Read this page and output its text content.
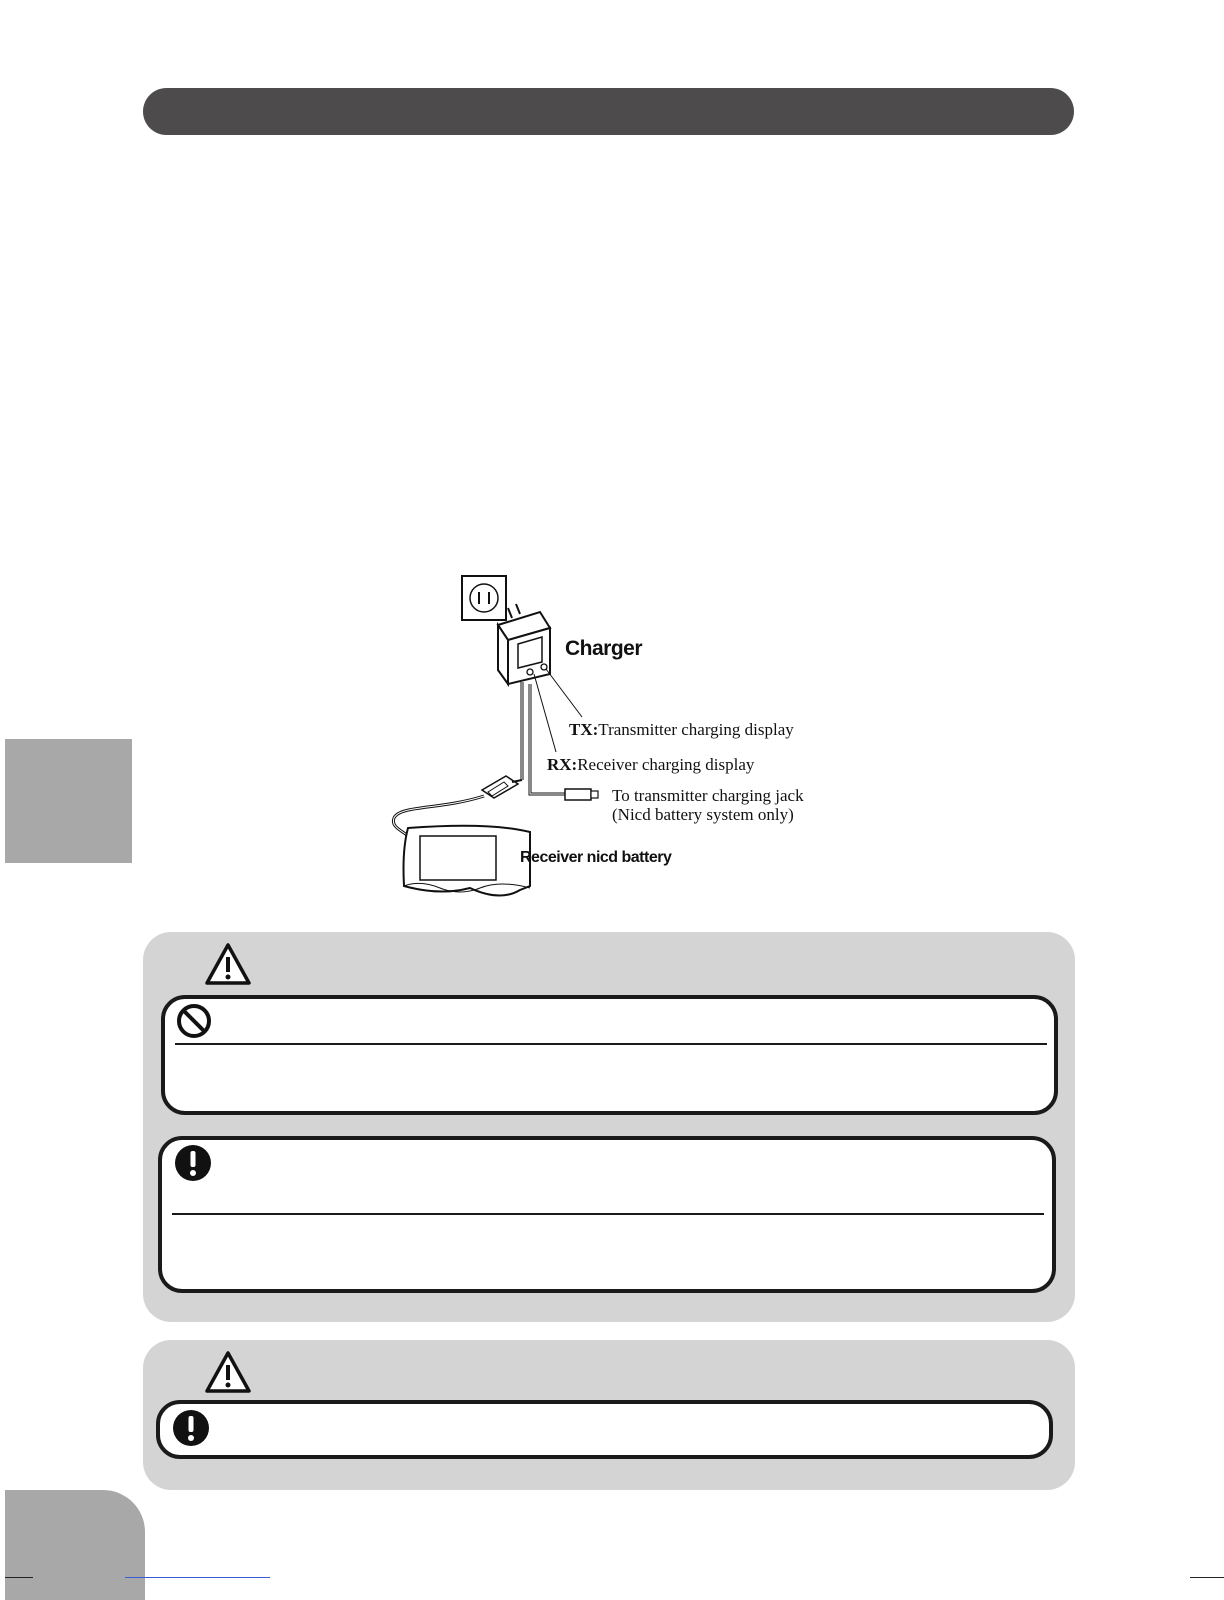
Charger
TX:Transmitter charging display
RX:Receiver charging display
To transmitter charging jack
(Nicd battery system only)
Receiver nicd battery
